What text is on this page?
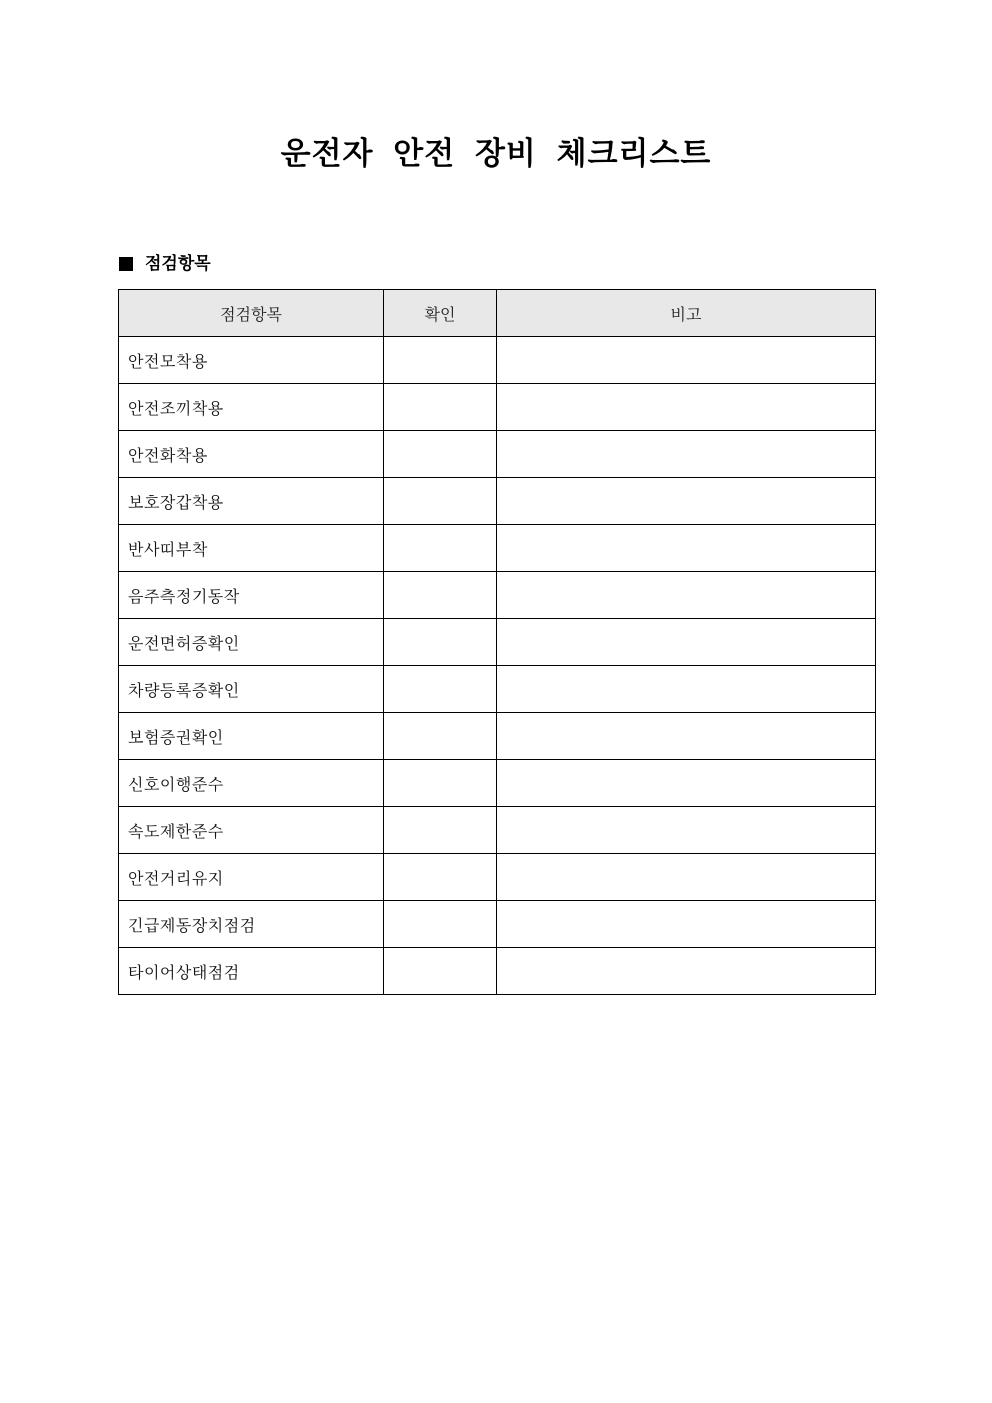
운전자 안전 장비 체크리스트
점검항목
점검항목	확인	비고
안전모착용		
안전조끼착용		
안전화착용		
보호장갑착용		
반사띠부착		
음주측정기동작		
운전면허증확인		
차량등록증확인		
보험증권확인		
신호이행준수		
속도제한준수		
안전거리유지		
긴급제동장치점검		
타이어상태점검		
